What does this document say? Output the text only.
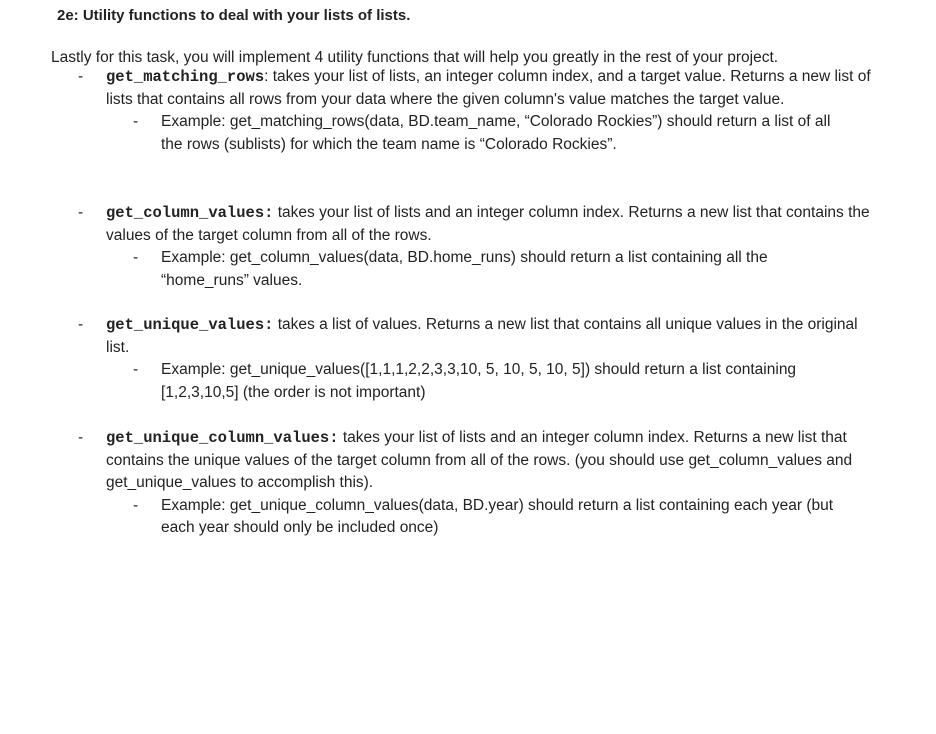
2e: Utility functions to deal with your lists of lists.
Lastly for this task, you will implement 4 utility functions that will help you greatly in the rest of your project.
-	get_matching_rows: takes your list of lists, an integer column index, and a target value. Returns a new list of lists that contains all rows from your data where the given column's value matches the target value.
-	Example: get_matching_rows(data, BD.team_name, “Colorado Rockies”) should return a list of all the rows (sublists) for which the team name is “Colorado Rockies”.
-	get_column_values: takes your list of lists and an integer column index. Returns a new list that contains the values of the target column from all of the rows.
-	Example: get_column_values(data, BD.home_runs) should return a list containing all the “home_runs” values.
-	get_unique_values: takes a list of values. Returns a new list that contains all unique values in the original list.
-	Example: get_unique_values([1,1,1,2,2,3,3,10, 5, 10, 5, 10, 5]) should return a list containing [1,2,3,10,5] (the order is not important)
-	get_unique_column_values: takes your list of lists and an integer column index. Returns a new list that contains the unique values of the target column from all of the rows. (you should use get_column_values and get_unique_values to accomplish this).
-	Example: get_unique_column_values(data, BD.year) should return a list containing each year (but each year should only be included once)
